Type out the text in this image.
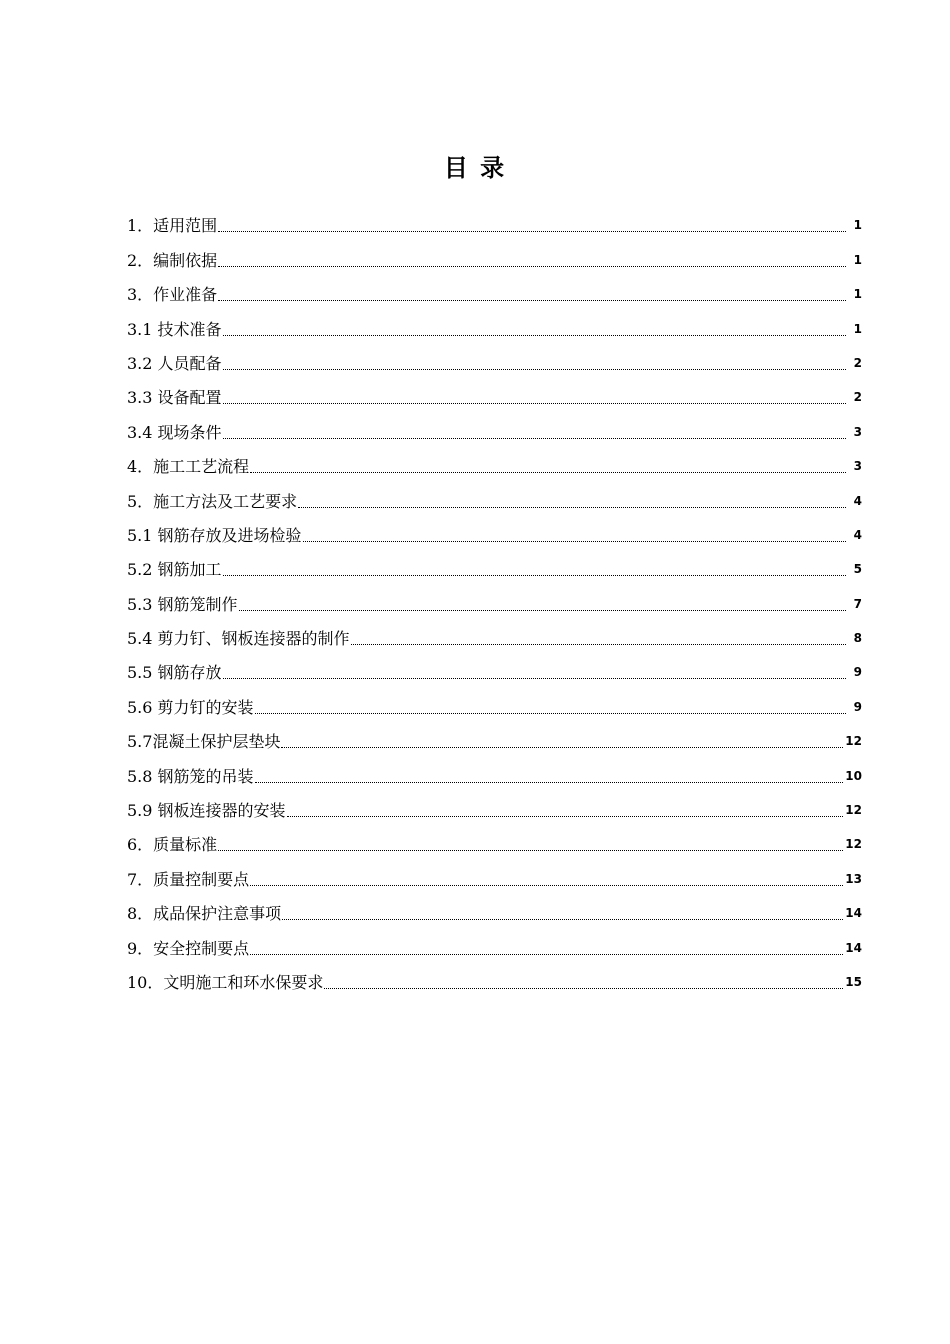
目 录
1．适用范围	1
2．编制依据	1
3．作业准备	1
3.1 技术准备	1
3.2 人员配备	2
3.3 设备配置	2
3.4 现场条件	3
4．施工工艺流程	3
5．施工方法及工艺要求	4
5.1 钢筋存放及进场检验	4
5.2 钢筋加工	5
5.3 钢筋笼制作	7
5.4 剪力钉、钢板连接器的制作	8
5.5 钢筋存放	9
5.6 剪力钉的安装	9
5.7混凝土保护层垫块	12
5.8 钢筋笼的吊装	10
5.9 钢板连接器的安装	12
6．质量标准	12
7．质量控制要点	13
8．成品保护注意事项	14
9．安全控制要点	14
10．文明施工和环水保要求	15
